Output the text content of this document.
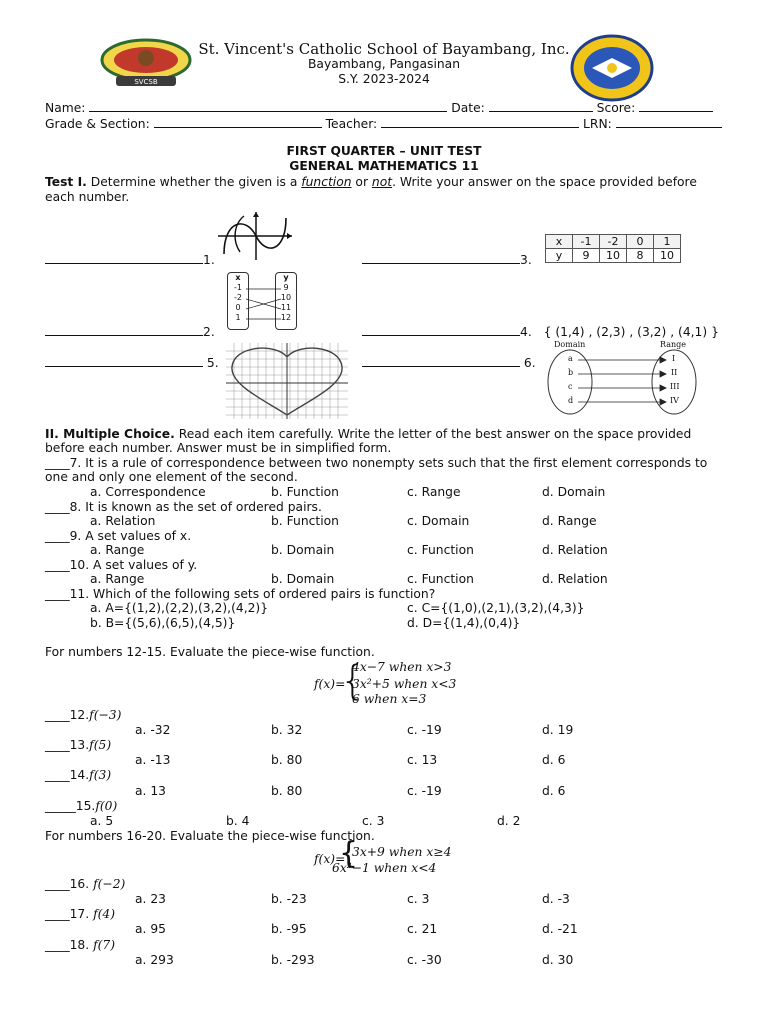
SVCSB
St. Vincent's Catholic School of Bayambang, Inc.
Bayambang, Pangasinan
S.Y. 2023-2024
Name:	Date:	Score:
Grade & Section:	Teacher:	LRN:
FIRST QUARTER – UNIT TEST
GENERAL MATHEMATICS 11
Test I. Determine whether the given is a function or not. Write your answer on the space provided before
each number.
1.	3.
x	-1	-2	0	1
y	9	10	8	10
2.
x
-1
-2
0
1
y
9
10
11
12
4. { (1,4) , (2,3) , (3,2) , (4,1) }
5.	6.
Domain	Range
a
b
c
d
I
II
III
IV
II. Multiple Choice. Read each item carefully. Write the letter of the best answer on the space provided
before each number. Answer must be in simplified form.
____7. It is a rule of correspondence between two nonempty sets such that the first element corresponds to
one and only one element of the second.
a. Correspondence	b. Function	c. Range	d. Domain
____8. It is known as the set of ordered pairs.
a. Relation	b. Function	c. Domain	d. Range
____9. A set values of x.
a. Range	b. Domain	c. Function	d. Relation
____10. A set values of y.
a. Range	b. Domain	c. Function	d. Relation
____11. Which of the following sets of ordered pairs is function?
a. A={(1,2),(2,2),(3,2),(4,2)}	c. C={(1,0),(2,1),(3,2),(4,3)}
b. B={(5,6),(6,5),(4,5)}	d. D={(1,4),(0,4)}
For numbers 12-15. Evaluate the piece-wise function.
f(x)=
{
4x−7 when x>3
3x²+5 when x<3
6 when x=3
____12.f(−3)
a. -32	b. 32	c. -19	d. 19
____13.f(5)
a. -13	b. 80	c. 13	d. 6
____14.f(3)
a. 13	b. 80	c. -19	d. 6
_____15.f(0)
a. 5	b. 4	c. 3	d. 2
For numbers 16-20. Evaluate the piece-wise function.
f(x)=
{
3x+9 when x≥4
6x²−1 when x<4
____16. f(−2)
a. 23	b. -23	c. 3	d. -3
____17. f(4)
a. 95	b. -95	c. 21	d. -21
____18. f(7)
a. 293	b. -293	c. -30	d. 30
